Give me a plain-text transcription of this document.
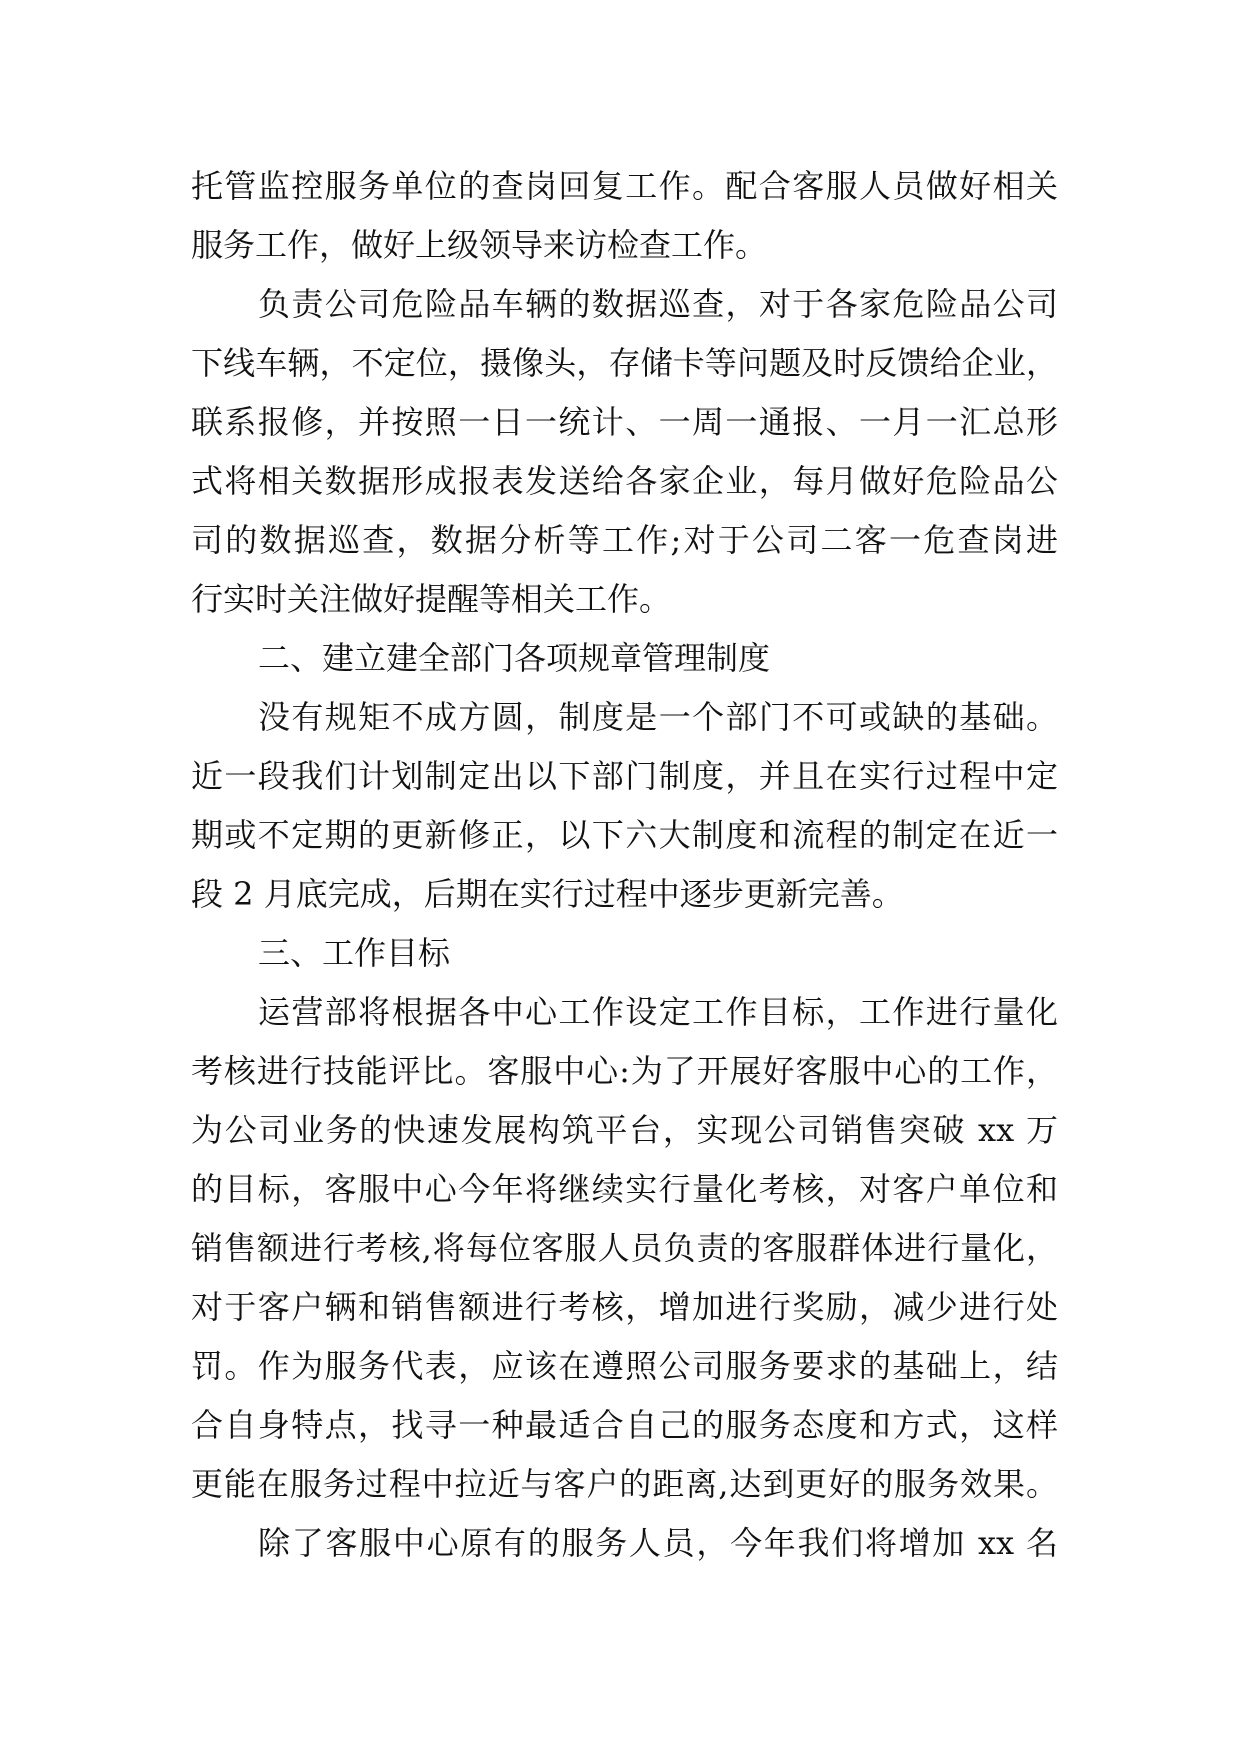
托管监控服务单位的查岗回复工作。配合客服人员做好相关
服务工作，做好上级领导来访检查工作。
负责公司危险品车辆的数据巡查，对于各家危险品公司
下线车辆，不定位，摄像头，存储卡等问题及时反馈给企业，
联系报修，并按照一日一统计、一周一通报、一月一汇总形
式将相关数据形成报表发送给各家企业，每月做好危险品公
司的数据巡查，数据分析等工作;对于公司二客一危查岗进
行实时关注做好提醒等相关工作。
二、建立建全部门各项规章管理制度
没有规矩不成方圆，制度是一个部门不可或缺的基础。
近一段我们计划制定出以下部门制度，并且在实行过程中定
期或不定期的更新修正，以下六大制度和流程的制定在近一
段 2 月底完成，后期在实行过程中逐步更新完善。
三、工作目标
运营部将根据各中心工作设定工作目标，工作进行量化
考核进行技能评比。客服中心:为了开展好客服中心的工作，
为公司业务的快速发展构筑平台，实现公司销售突破 xx 万
的目标，客服中心今年将继续实行量化考核，对客户单位和
销售额进行考核,将每位客服人员负责的客服群体进行量化，
对于客户辆和销售额进行考核，增加进行奖励，减少进行处
罚。作为服务代表，应该在遵照公司服务要求的基础上，结
合自身特点，找寻一种最适合自己的服务态度和方式，这样
更能在服务过程中拉近与客户的距离,达到更好的服务效果。
除了客服中心原有的服务人员，今年我们将增加 xx 名
